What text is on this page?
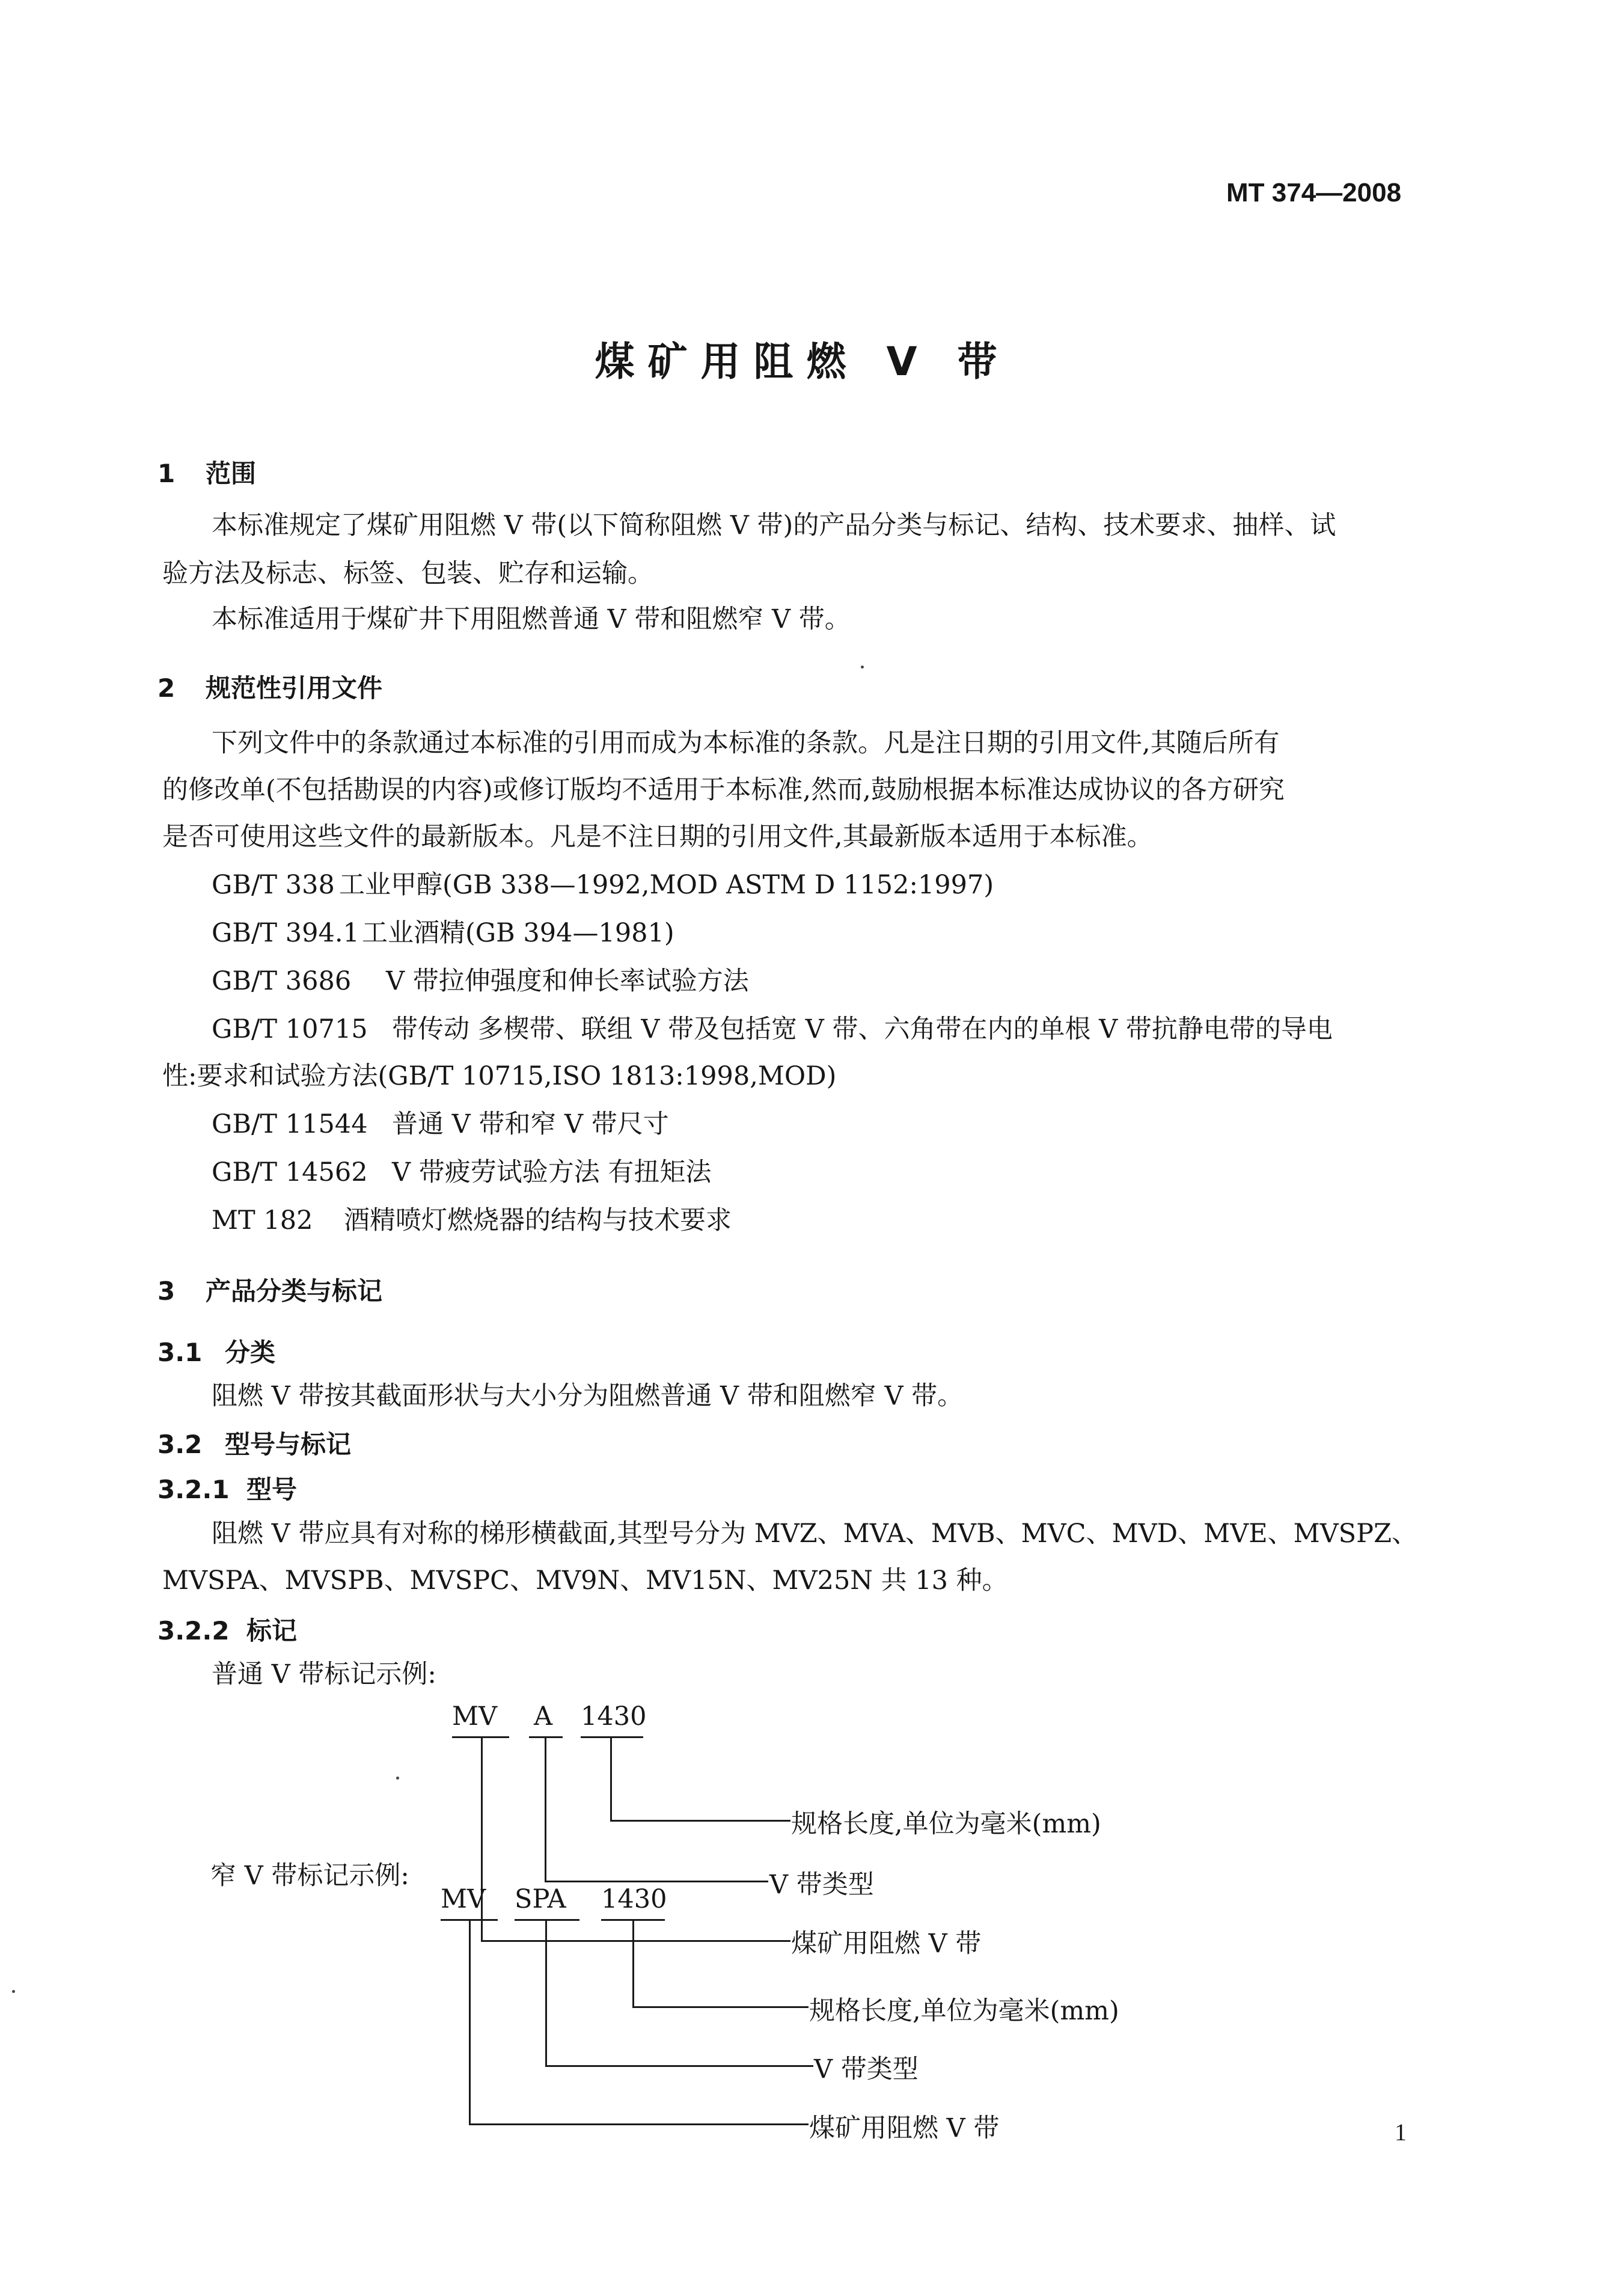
MT 374—2008
煤矿用阻燃 V 带
1 范围
本标准规定了煤矿用阻燃 V 带(以下简称阻燃 V 带)的产品分类与标记、结构、技术要求、抽样、试
验方法及标志、标签、包装、贮存和运输。
本标准适用于煤矿井下用阻燃普通 V 带和阻燃窄 V 带。
2 规范性引用文件
下列文件中的条款通过本标准的引用而成为本标准的条款。凡是注日期的引用文件,其随后所有
的修改单(不包括勘误的内容)或修订版均不适用于本标准,然而,鼓励根据本标准达成协议的各方研究
是否可使用这些文件的最新版本。凡是不注日期的引用文件,其最新版本适用于本标准。
GB/T 338 工业甲醇(GB 338—1992,MOD ASTM D 1152:1997)
GB/T 394.1工业酒精(GB 394—1981)
GB/T 3686 V 带拉伸强度和伸长率试验方法
GB/T 10715 带传动 多楔带、联组 V 带及包括宽 V 带、六角带在内的单根 V 带抗静电带的导电
性:要求和试验方法(GB/T 10715,ISO 1813:1998,MOD)
GB/T 11544 普通 V 带和窄 V 带尺寸
GB/T 14562 V 带疲劳试验方法 有扭矩法
MT 182 酒精喷灯燃烧器的结构与技术要求
3 产品分类与标记
3.1 分类
阻燃 V 带按其截面形状与大小分为阻燃普通 V 带和阻燃窄 V 带。
3.2 型号与标记
3.2.1 型号
阻燃 V 带应具有对称的梯形横截面,其型号分为 MVZ、MVA、MVB、MVC、MVD、MVE、MVSPZ、
MVSPA、MVSPB、MVSPC、MV9N、MV15N、MV25N 共 13 种。
3.2.2 标记
普通 V 带标记示例:
MV A 1430
规格长度,单位为毫米(mm)
V 带类型
煤矿用阻燃 V 带
窄 V 带标记示例:
MV SPA 1430
规格长度,单位为毫米(mm)
V 带类型
煤矿用阻燃 V 带	1
